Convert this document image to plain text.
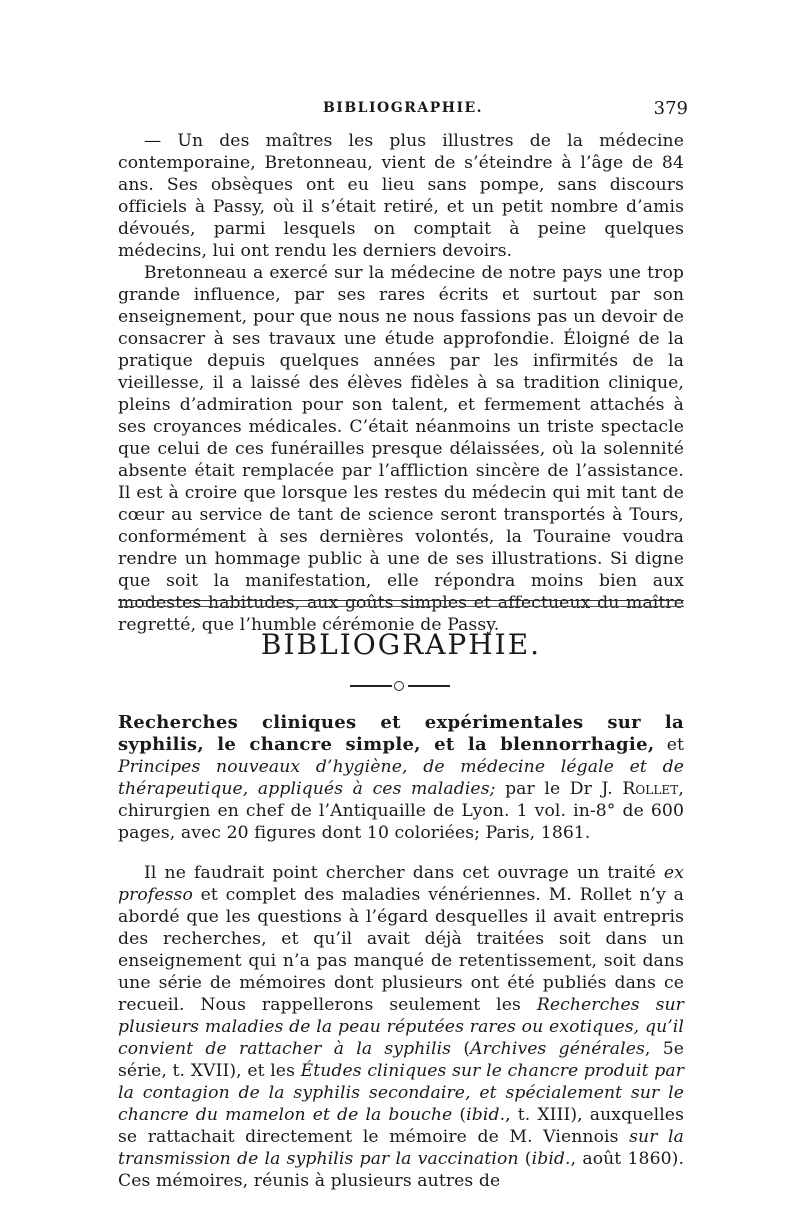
BIBLIOGRAPHIE.	379

— Un des maîtres les plus illustres de la médecine contemporaine, Bretonneau, vient de s’éteindre à l’âge de 84 ans. Ses obsèques ont eu lieu sans pompe, sans discours officiels à Passy, où il s’était retiré, et un petit nombre d’amis dévoués, parmi lesquels on comptait à peine quelques médecins, lui ont rendu les derniers devoirs.

Bretonneau a exercé sur la médecine de notre pays une trop grande influence, par ses rares écrits et surtout par son enseignement, pour que nous ne nous fassions pas un devoir de consacrer à ses travaux une étude approfondie. Éloigné de la pratique depuis quelques années par les infirmités de la vieillesse, il a laissé des élèves fidèles à sa tradition clinique, pleins d’admiration pour son talent, et fermement attachés à ses croyances médicales. C’était néanmoins un triste spectacle que celui de ces funérailles presque délaissées, où la solennité absente était remplacée par l’affliction sincère de l’assistance. Il est à croire que lorsque les restes du médecin qui mit tant de cœur au service de tant de science seront transportés à Tours, conformément à ses dernières volontés, la Touraine voudra rendre un hommage public à une de ses illustrations. Si digne que soit la manifestation, elle répondra moins bien aux modestes habitudes, aux goûts simples et affectueux du maître regretté, que l’humble cérémonie de Passy.

BIBLIOGRAPHIE.
Recherches cliniques et expérimentales sur la syphilis, le chancre simple, et la blennorrhagie, et Principes nouveaux d’hygiène, de médecine légale et de thérapeutique, appliqués à ces maladies; par le Dr J. Rollet, chirurgien en chef de l’Antiquaille de Lyon. 1 vol. in-8° de 600 pages, avec 20 figures dont 10 coloriées; Paris, 1861.

Il ne faudrait point chercher dans cet ouvrage un traité ex professo et complet des maladies vénériennes. M. Rollet n’y a abordé que les questions à l’égard desquelles il avait entrepris des recherches, et qu’il avait déjà traitées soit dans un enseignement qui n’a pas manqué de retentissement, soit dans une série de mémoires dont plusieurs ont été publiés dans ce recueil. Nous rappellerons seulement les Recherches sur plusieurs maladies de la peau réputées rares ou exotiques, qu’il convient de rattacher à la syphilis (Archives générales, 5e série, t. XVII), et les Études cliniques sur le chancre produit par la contagion de la syphilis secondaire, et spécialement sur le chancre du mamelon et de la bouche (ibid., t. XIII), auxquelles se rattachait directement le mémoire de M. Viennois sur la transmission de la syphilis par la vaccination (ibid., août 1860). Ces mémoires, réunis à plusieurs autres de
